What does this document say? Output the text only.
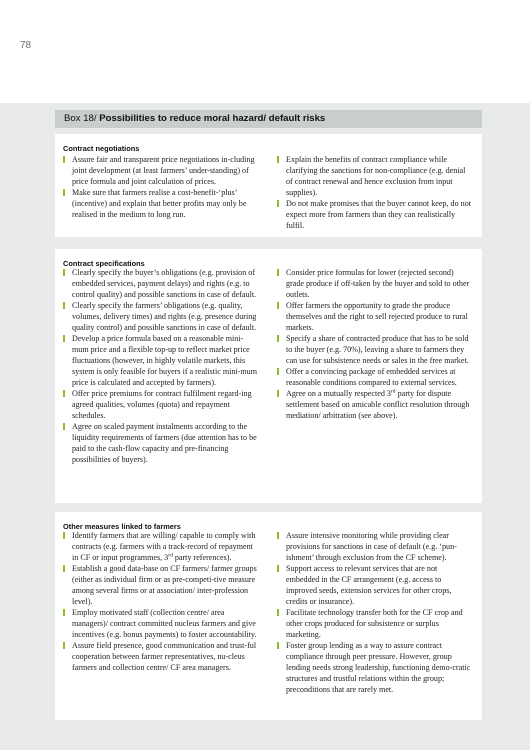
78
Box 18/ Possibilities to reduce moral hazard/ default risks
Contract negotiations
Assure fair and transparent price negotiations in-cluding joint development (at least farmers’ under-standing) of price formula and joint calculation of prices.
Make sure that farmers realise a cost-benefit-‘plus’ (incentive) and explain that better profits may only be realised in the medium to long run.
Explain the benefits of contract compliance while clarifying the sanctions for non-compliance (e.g. denial of contract renewal and hence exclusion from input supplies).
Do not make promises that the buyer cannot keep, do not expect more from farmers than they can realistically fulfil.
Contract specifications
Clearly specify the buyer’s obligations (e.g. provision of embedded services, payment delays) and rights (e.g. to control quality) and possible sanctions in case of default.
Clearly specify the farmers’ obligations (e.g. quality, volumes, delivery times) and rights (e.g. presence during quality control) and possible sanctions in case of default.
Develop a price formula based on a reasonable mini-mum price and a flexible top-up to reflect market price fluctuations (however, in highly volatile markets, this system is only feasible for buyers if a realistic mini-mum price is calculated and accepted by farmers).
Offer price premiums for contract fulfilment regard-ing agreed qualities, volumes (quota) and repayment schedules.
Agree on scaled payment instalments according to the liquidity requirements of farmers (due attention has to be paid to the cash-flow capacity and pre-financing possibilities of buyers).
Consider price formulas for lower (rejected second) grade produce if off-taken by the buyer and sold to other outlets.
Offer farmers the opportunity to grade the produce themselves and the right to sell rejected produce to rural markets.
Specify a share of contracted produce that has to be sold to the buyer (e.g. 70%), leaving a share to farmers they can use for subsistence needs or sales in the free market.
Offer a convincing package of embedded services at reasonable conditions compared to external services.
Agree on a mutually respected 3rd party for dispute settlement based on amicable conflict resolution through mediation/ arbitration (see above).
Other measures linked to farmers
Identify farmers that are willing/ capable to comply with contracts (e.g. farmers with a track-record of repayment in CF or input programmes, 3rd party references).
Establish a good data-base on CF farmers/ farmer groups (either as individual firm or as pre-competi-tive measure among several firms or at association/ inter-profession level).
Employ motivated staff (collection centre/ area managers)/ contract committed nucleus farmers and give incentives (e.g. bonus payments) to foster accountability.
Assure field presence, good communication and trust-ful cooperation between farmer representatives, nu-cleus farmers and collection centre/ CF area managers.
Assure intensive monitoring while providing clear provisions for sanctions in case of default (e.g. ‘pun-ishment’ through exclusion from the CF scheme).
Support access to relevant services that are not embedded in the CF arrangement (e.g. access to improved seeds, extension services for other crops, credits or insurance).
Facilitate technology transfer both for the CF crop and other crops produced for subsistence or surplus marketing.
Foster group lending as a way to assure contract compliance through peer pressure. However, group lending needs strong leadership, functioning demo-cratic structures and trustful relations within the group; preconditions that are rarely met.
